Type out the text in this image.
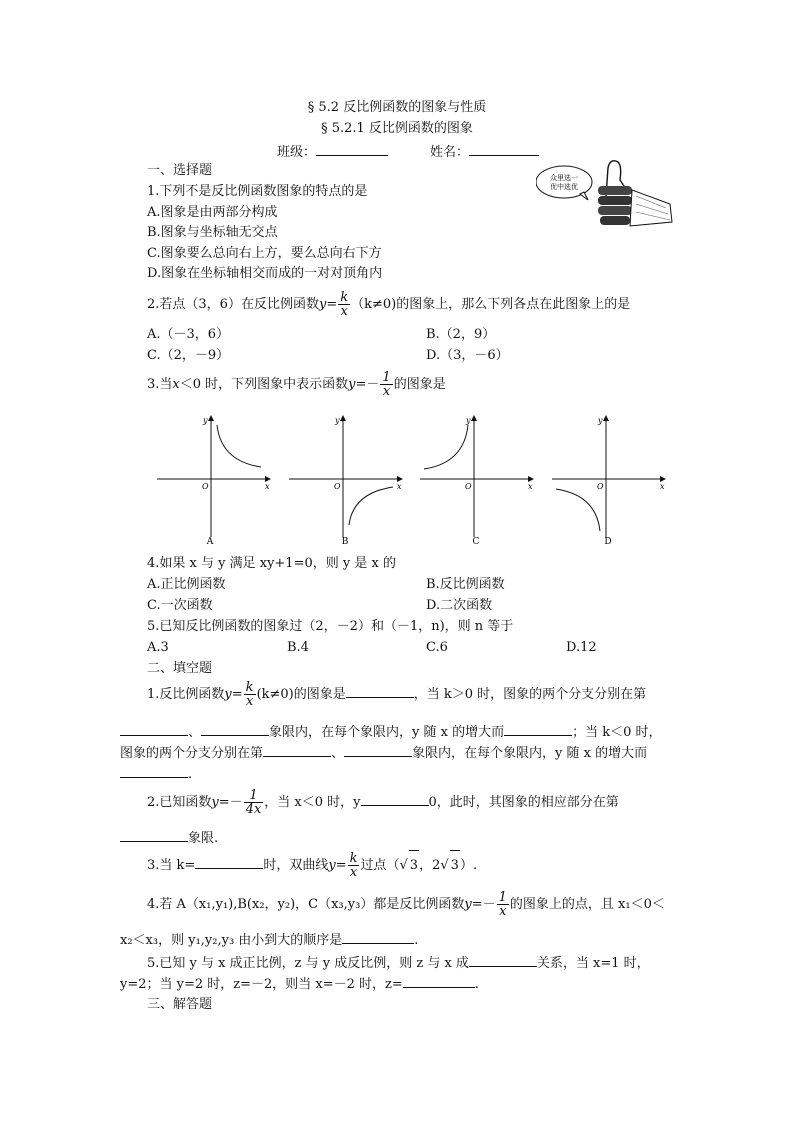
§ 5.2 反比例函数的图象与性质
§ 5.2.1 反比例函数的图象
班级：	姓名：
众里选一
优中选优
一、选择题
1.下列不是反比例函数图象的特点的是
A.图象是由两部分构成
B.图象与坐标轴无交点
C.图象要么总向右上方，要么总向右下方
D.图象在坐标轴相交而成的一对对顶角内
2.若点（3，6）在反比例函数$y= \frac{k}{x} (k\ne 0)$的图象上，那么下列各点在此图象上的是
A.（－3，6）	B.（2，9）
C.（2，－9）	D.（3，－6）
3.当x＜0 时，下列图象中表示函数$y=- \frac{1}{x}$ 的图象是
y
x
O
A
y
x
O
B
y
x
O
C
y
x
O
D
4.如果 x 与 y 满足 xy+1=0，则 y 是 x 的
A.正比例函数	B.反比例函数
C.一次函数	D.二次函数
5.已知反比例函数的图象过（2，－2）和（－1，n)，则 n 等于
A.3	B.4	C.6	D.12
二、填空题
1.反比例函数$y= \frac{k}{x} (k\ne 0)$的图象是	，当 k＞0 时，图象的两个分支分别在第
、	象限内，在每个象限内，y 随 x 的增大而	；当 k＜0 时，
图象的两个分支分别在第	、	象限内，在每个象限内，y 随 x 的增大而
.
2.已知函数$y=- \frac{1}{4x}$ ，当 x＜0 时，y	0，此时，其图象的相应部分在第
象限.
3.当 k=	时，双曲线$y= \frac{k}{x}$ 过点（√ 3，2√ 3）.
4.若 A（x₁,y₁),B(x₂，y₂)，C（x₃,y₃）都是反比例函数$y=- \frac{1}{x}$ 的图象上的点，且 x₁＜0＜
x₂＜x₃，则 y₁,y₂,y₃ 由小到大的顺序是	.
5.已知 y 与 x 成正比例，z 与 y 成反比例，则 z 与 x 成	关系，当 x=1 时，
y=2；当 y=2 时，z=－2，则当 x=－2 时，z=	.
三、解答题
